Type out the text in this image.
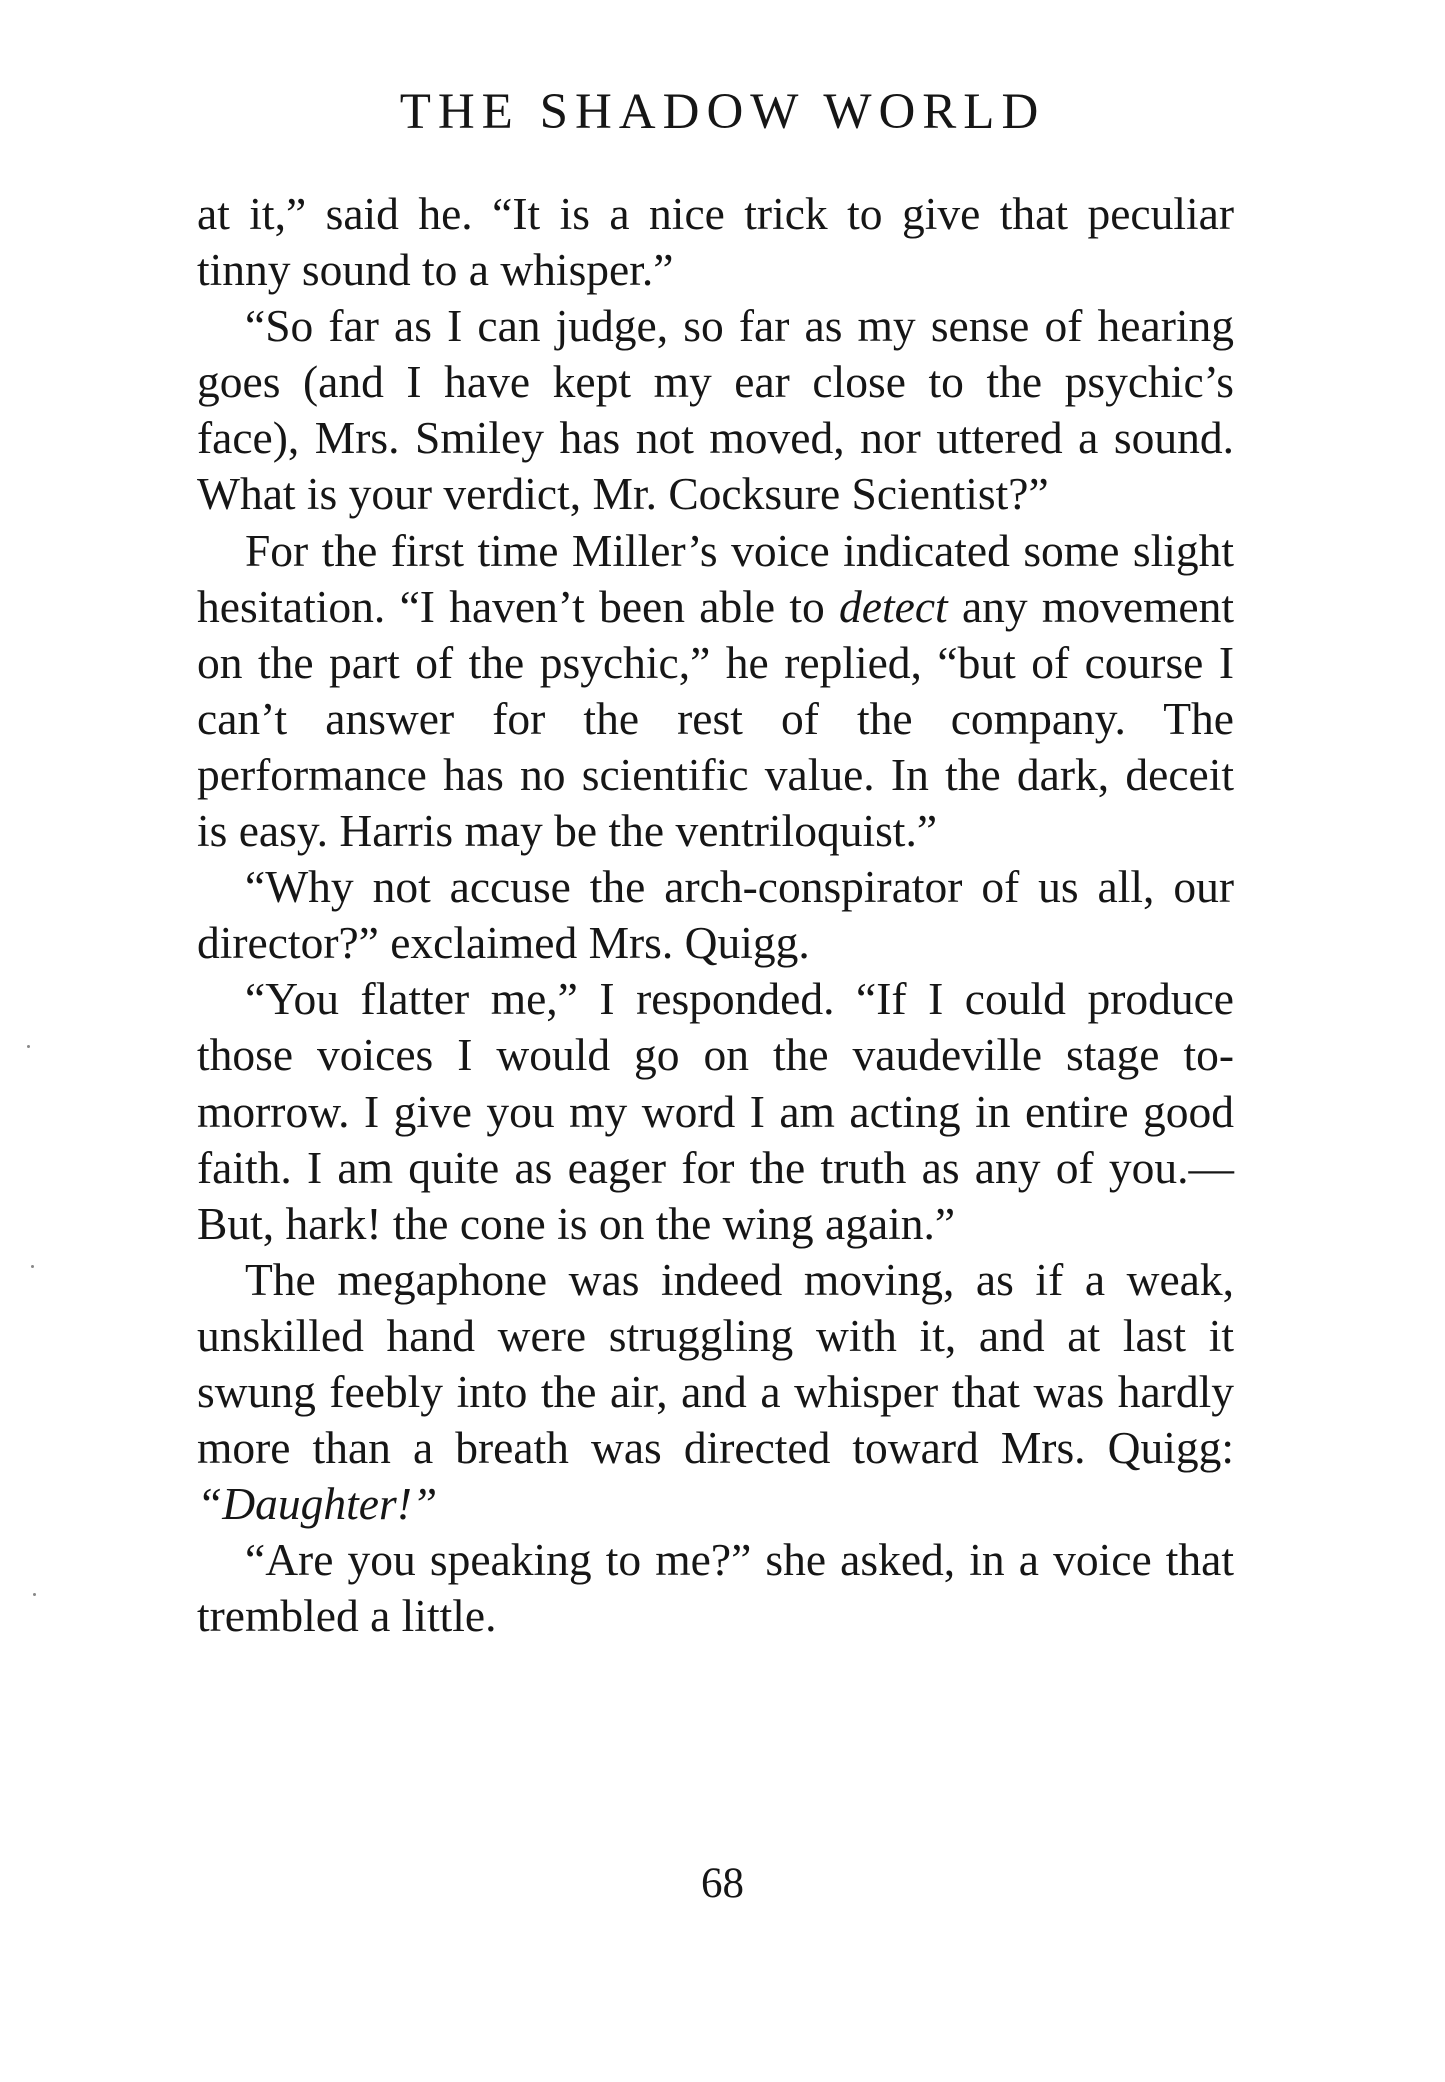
THE SHADOW WORLD

at it,” said he. “It is a nice trick to give that peculiar tinny sound to a whisper.”

“So far as I can judge, so far as my sense of hearing goes (and I have kept my ear close to the psychic’s face), Mrs. Smiley has not moved, nor uttered a sound. What is your verdict, Mr. Cocksure Scientist?”

For the first time Miller’s voice indicated some slight hesitation. “I haven’t been able to detect any movement on the part of the psychic,” he replied, “but of course I can’t answer for the rest of the company. The performance has no scientific value. In the dark, deceit is easy. Harris may be the ventriloquist.”

“Why not accuse the arch-conspirator of us all, our director?” exclaimed Mrs. Quigg.

“You flatter me,” I responded. “If I could produce those voices I would go on the vaudeville stage to-morrow. I give you my word I am acting in entire good faith. I am quite as eager for the truth as any of you.—But, hark! the cone is on the wing again.”

The megaphone was indeed moving, as if a weak, unskilled hand were struggling with it, and at last it swung feebly into the air, and a whisper that was hardly more than a breath was directed toward Mrs. Quigg: “Daughter!”

“Are you speaking to me?” she asked, in a voice that trembled a little.

68
